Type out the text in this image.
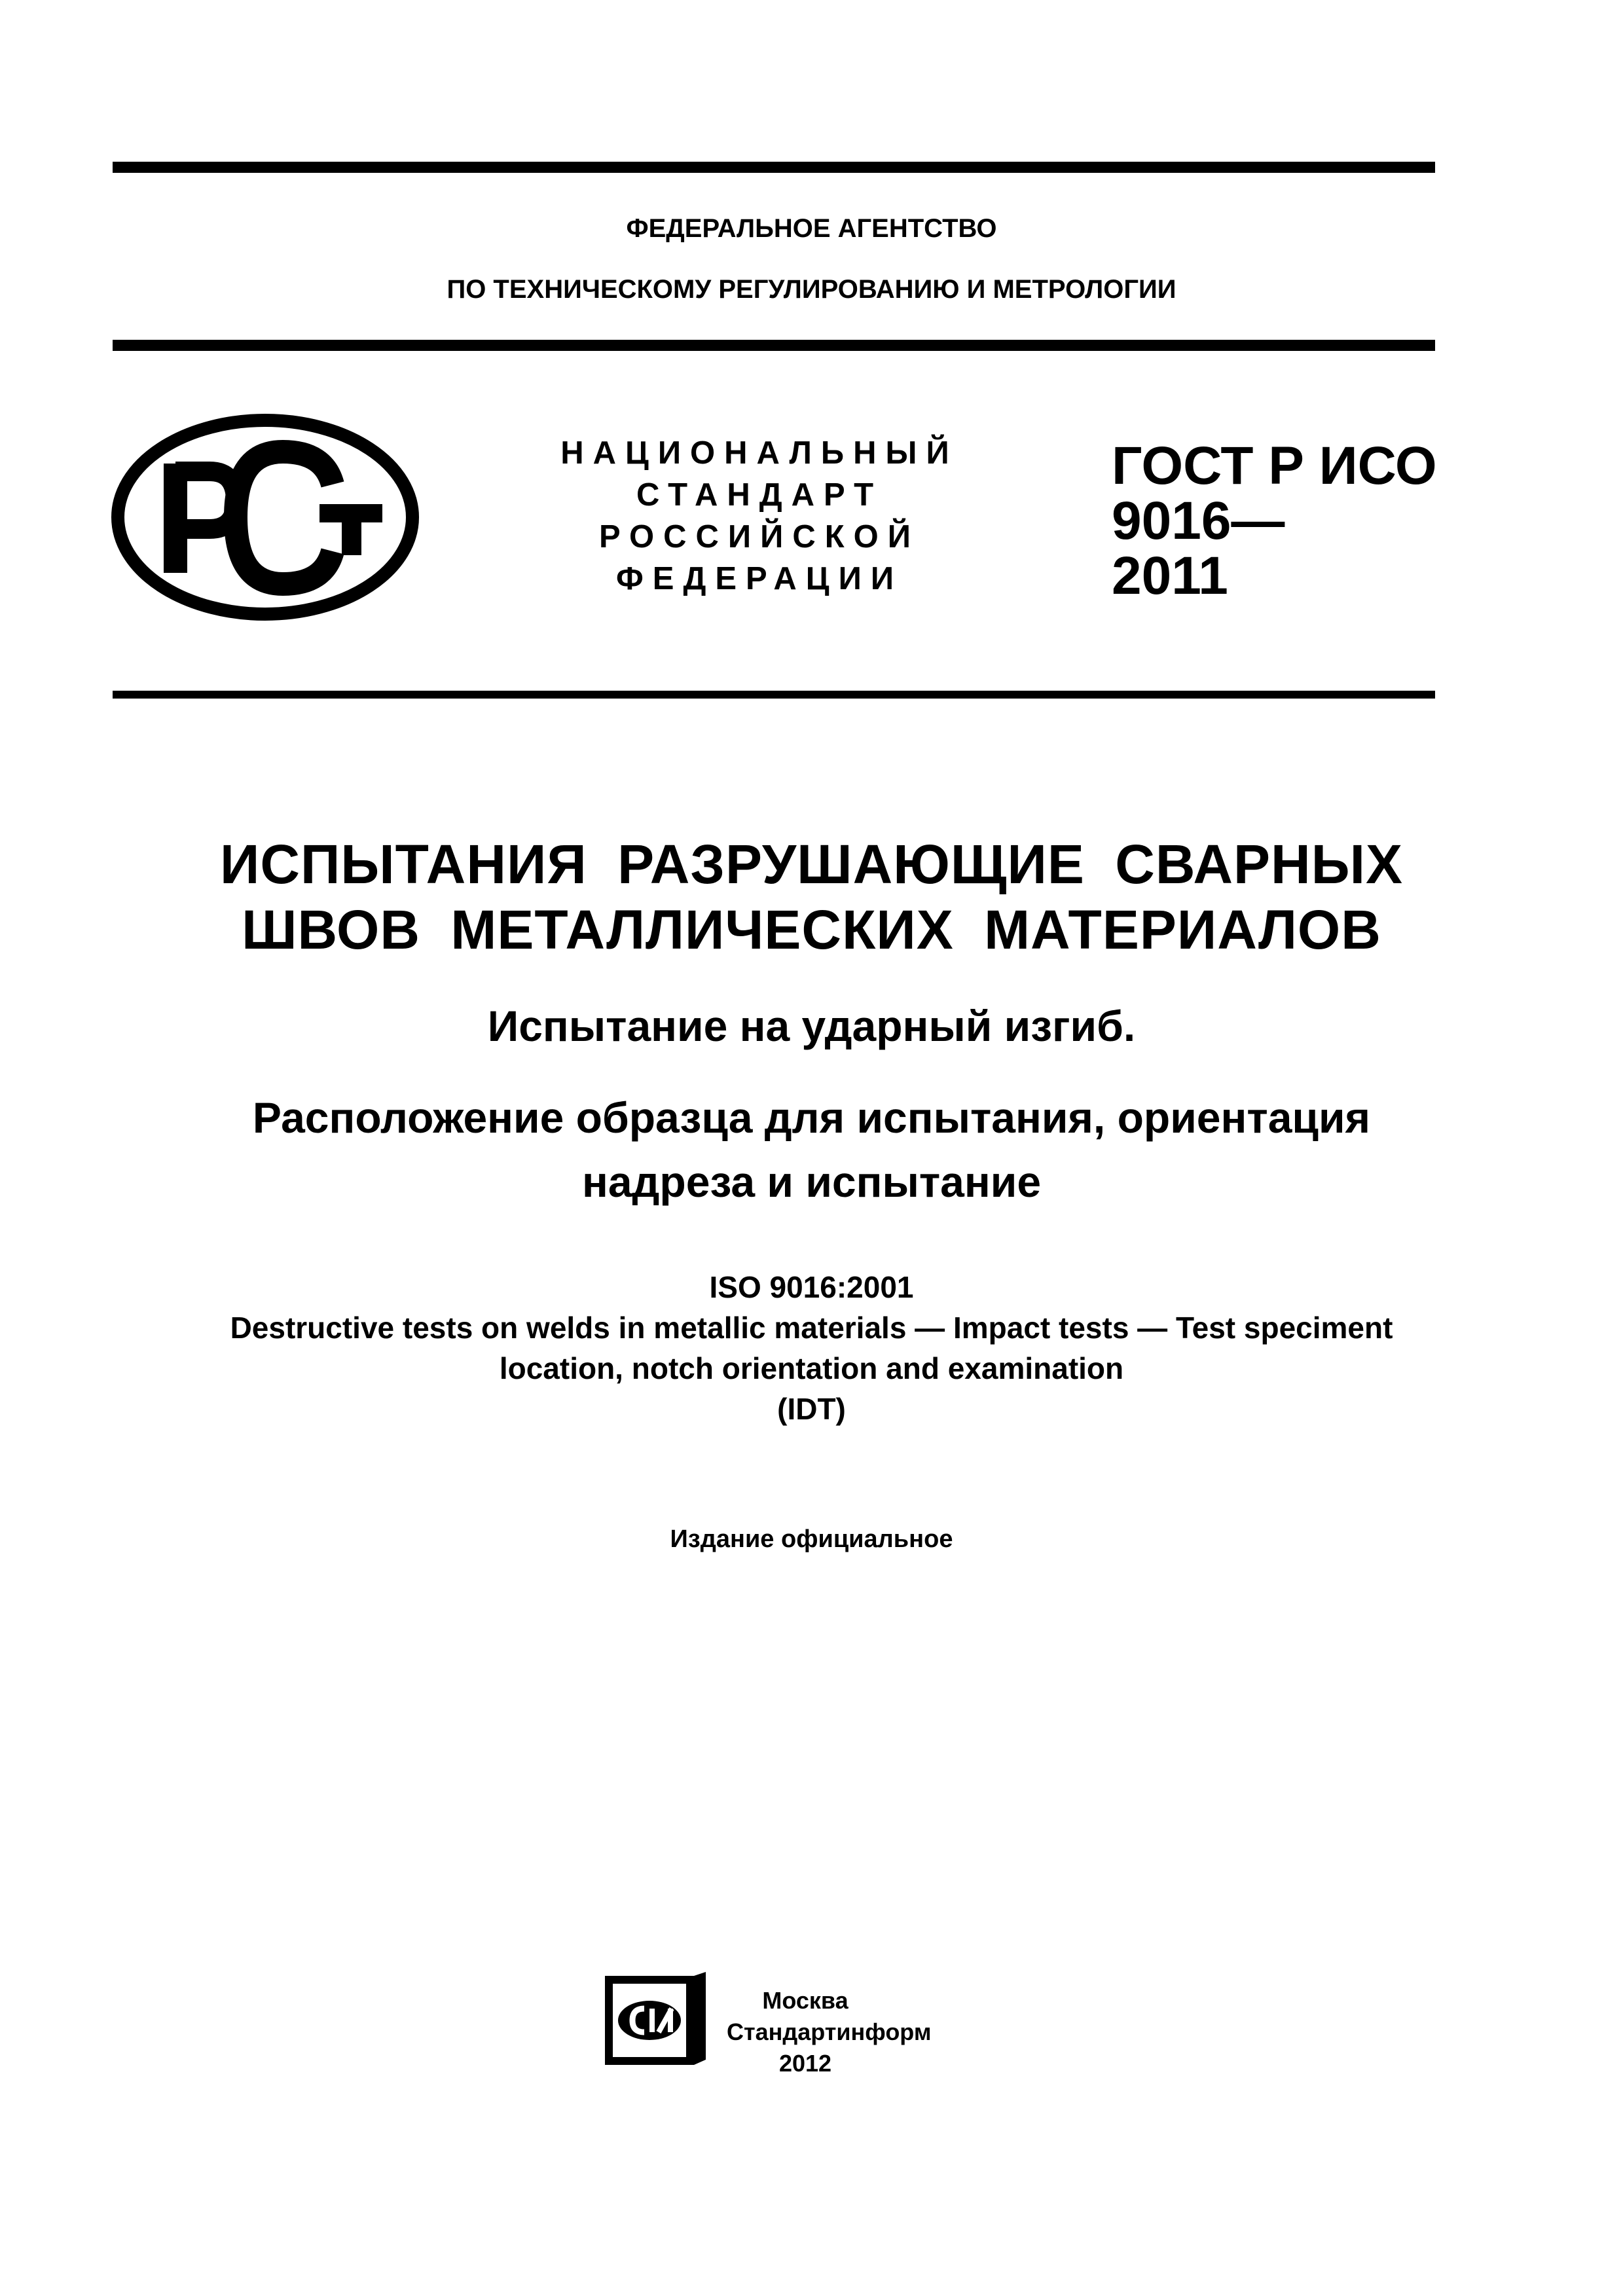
ФЕДЕРАЛЬНОЕ АГЕНТСТВО
ПО ТЕХНИЧЕСКОМУ РЕГУЛИРОВАНИЮ И МЕТРОЛОГИИ
НАЦИОНАЛЬНЫЙ
СТАНДАРТ
РОССИЙСКОЙ
ФЕДЕРАЦИИ
ГОСТ Р ИСО
9016—
2011
ИСПЫТАНИЯ РАЗРУШАЮЩИЕ СВАРНЫХ
ШВОВ МЕТАЛЛИЧЕСКИХ МАТЕРИАЛОВ
Испытание на ударный изгиб.
Расположение образца для испытания, ориентация
надреза и испытание
ISO 9016:2001
Destructive tests on welds in metallic materials — Impact tests — Test speciment
location, notch orientation and examination
(IDT)
Издание официальное
Москва
Стандартинформ
2012
